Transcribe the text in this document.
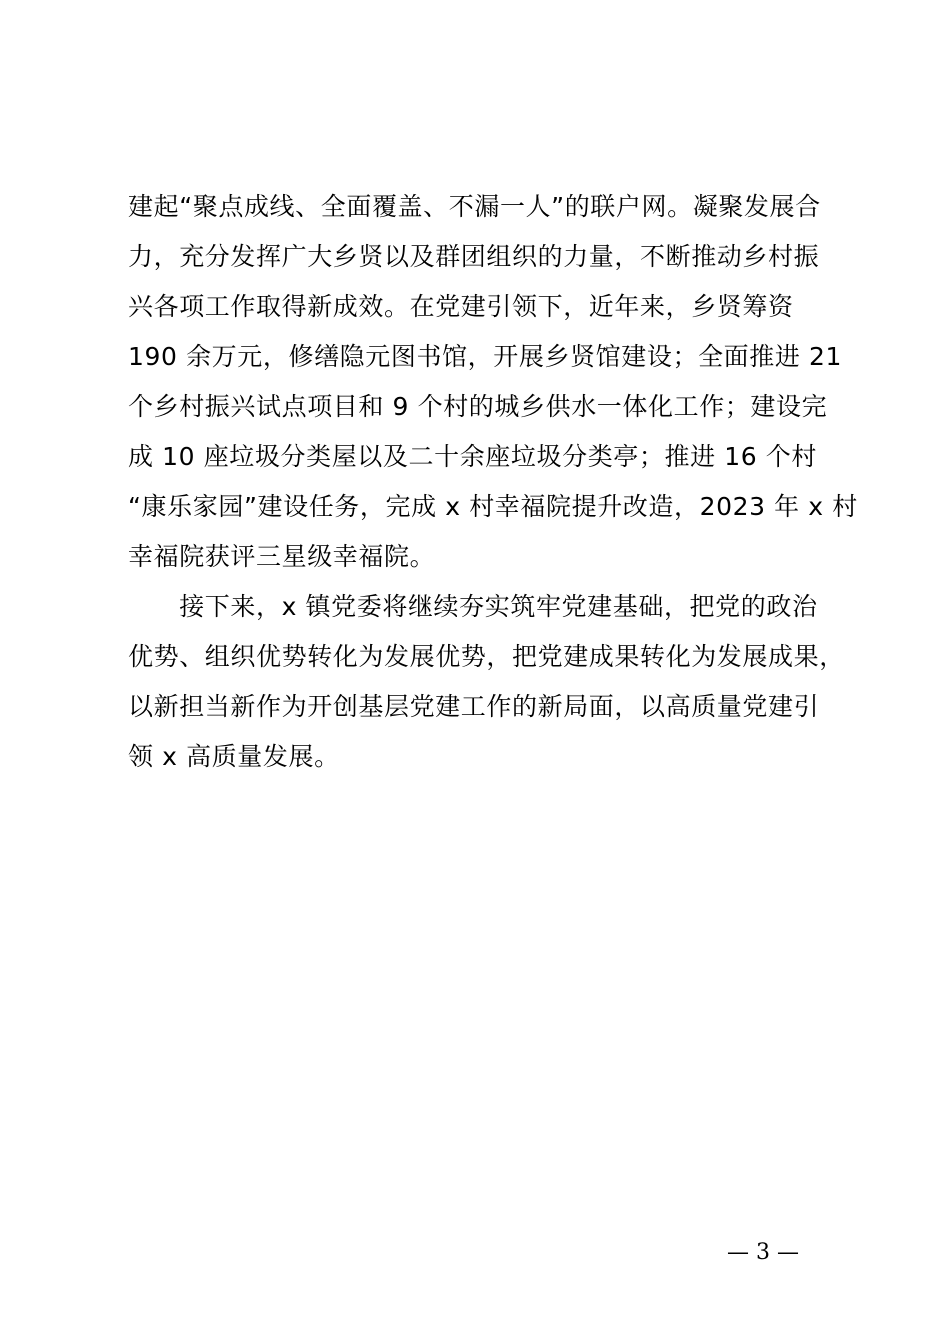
建起“聚点成线、全面覆盖、不漏一人”的联户网。凝聚发展合
力，充分发挥广大乡贤以及群团组织的力量，不断推动乡村振
兴各项工作取得新成效。在党建引领下，近年来，乡贤筹资
190 余万元，修缮隐元图书馆，开展乡贤馆建设；全面推进 21
个乡村振兴试点项目和 9 个村的城乡供水一体化工作；建设完
成 10 座垃圾分类屋以及二十余座垃圾分类亭；推进 16 个村
“康乐家园”建设任务，完成 x 村幸福院提升改造，2023 年 x 村
幸福院获评三星级幸福院。
　　接下来，x 镇党委将继续夯实筑牢党建基础，把党的政治
优势、组织优势转化为发展优势，把党建成果转化为发展成果，
以新担当新作为开创基层党建工作的新局面，以高质量党建引
领 x 高质量发展。
— 3 —
